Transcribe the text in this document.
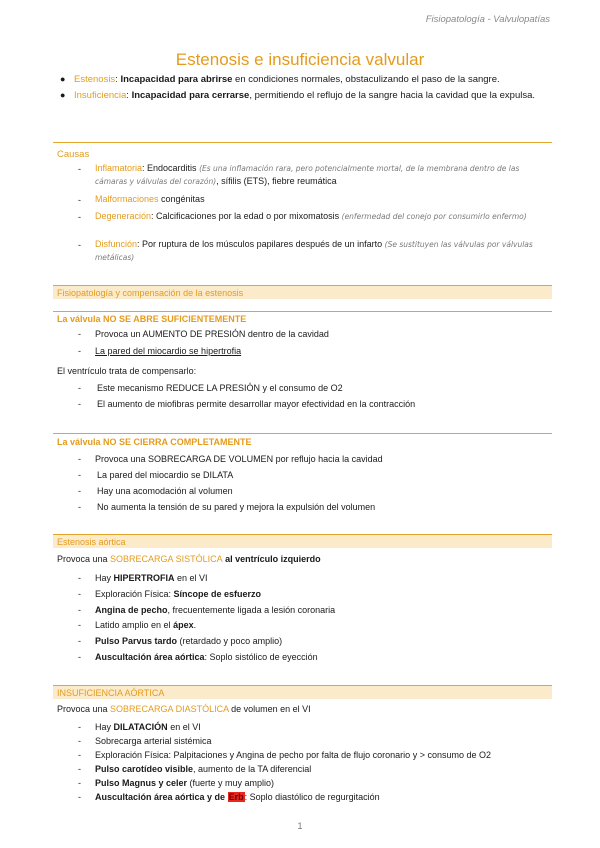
Fisiopatología - Valvulopatías
Estenosis e insuficiencia valvular
● Estenosis: Incapacidad para abrirse en condiciones normales, obstaculizando el paso de la sangre.
● Insuficiencia: Incapacidad para cerrarse, permitiendo el reflujo de la sangre hacia la cavidad que la expulsa.
Causas
- Inflamatoria: Endocarditis (Es una inflamación rara, pero potencialmente mortal, de la membrana dentro de las cámaras y válvulas del corazón), sífilis (ETS), fiebre reumática
- Malformaciones congénitas
- Degeneración: Calcificaciones por la edad o por mixomatosis (enfermedad del conejo por consumirlo enfermo)
- Disfunción: Por ruptura de los músculos papilares después de un infarto (Se sustituyen las válvulas por válvulas metálicas)
Fisiopatología y compensación de la estenosis
La válvula NO SE ABRE SUFICIENTEMENTE
- Provoca un AUMENTO DE PRESIÓN dentro de la cavidad
- La pared del miocardio se hipertrofia
El ventrículo trata de compensarlo:
- Este mecanismo REDUCE LA PRESIÓN y el consumo de O2
- El aumento de miofibras permite desarrollar mayor efectividad en la contracción
La válvula NO SE CIERRA COMPLETAMENTE
- Provoca una SOBRECARGA DE VOLUMEN por reflujo hacia la cavidad
- La pared del miocardio se DILATA
- Hay una acomodación al volumen
- No aumenta la tensión de su pared y mejora la expulsión del volumen
Estenosis aórtica
Provoca una SOBRECARGA SISTÓLICA al ventrículo izquierdo
- Hay HIPERTROFIA en el VI
- Exploración Física: Síncope de esfuerzo
- Angina de pecho, frecuentemente ligada a lesión coronaria
- Latido amplio en el ápex.
- Pulso Parvus tardo (retardado y poco amplio)
- Auscultación área aórtica: Soplo sistólico de eyección
INSUFICIENCIA AÓRTICA
Provoca una SOBRECARGA DIASTÓLICA de volumen en el VI
- Hay DILATACIÓN en el VI
- Sobrecarga arterial sistémica
- Exploración Física: Palpitaciones y Angina de pecho por falta de flujo coronario y > consumo de O2
- Pulso carotídeo visible, aumento de la TA diferencial
- Pulso Magnus y celer (fuerte y muy amplio)
- Auscultación área aórtica y de Erb: Soplo diastólico de regurgitación
1
